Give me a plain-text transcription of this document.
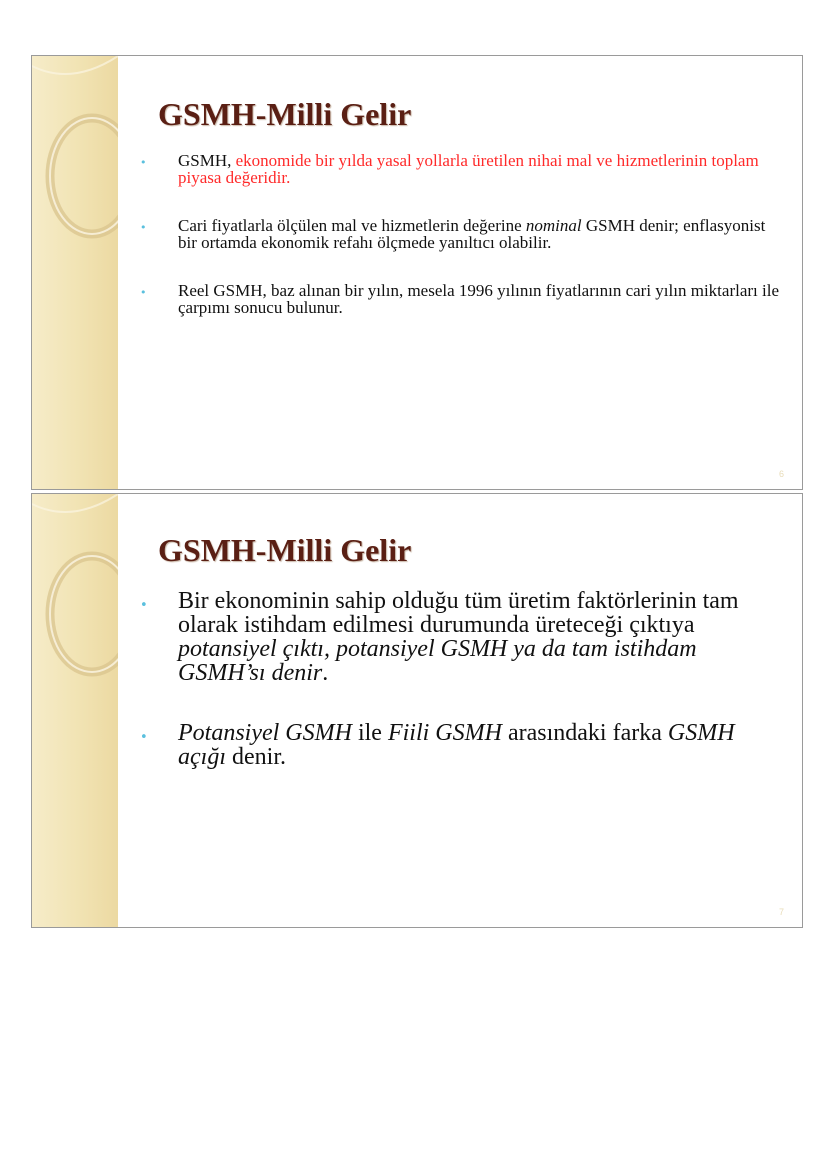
GSMH-Milli Gelir
• GSMH, ekonomide bir yılda yasal yollarla üretilen nihai mal ve hizmetlerinin toplam piyasa değeridir.
• Cari fiyatlarla ölçülen mal ve hizmetlerin değerine nominal GSMH denir; enflasyonist bir ortamda ekonomik refahı ölçmede yanıltıcı olabilir.
• Reel GSMH, baz alınan bir yılın, mesela 1996 yılının fiyatlarının cari yılın miktarları ile çarpımı sonucu bulunur.
6
GSMH-Milli Gelir
• Bir ekonominin sahip olduğu tüm üretim faktörlerinin tam olarak istihdam edilmesi durumunda üreteceği çıktıya potansiyel çıktı, potansiyel GSMH ya da tam istihdam GSMH’sı denir.
• Potansiyel GSMH ile Fiili GSMH arasındaki farka GSMH açığı denir.
7
